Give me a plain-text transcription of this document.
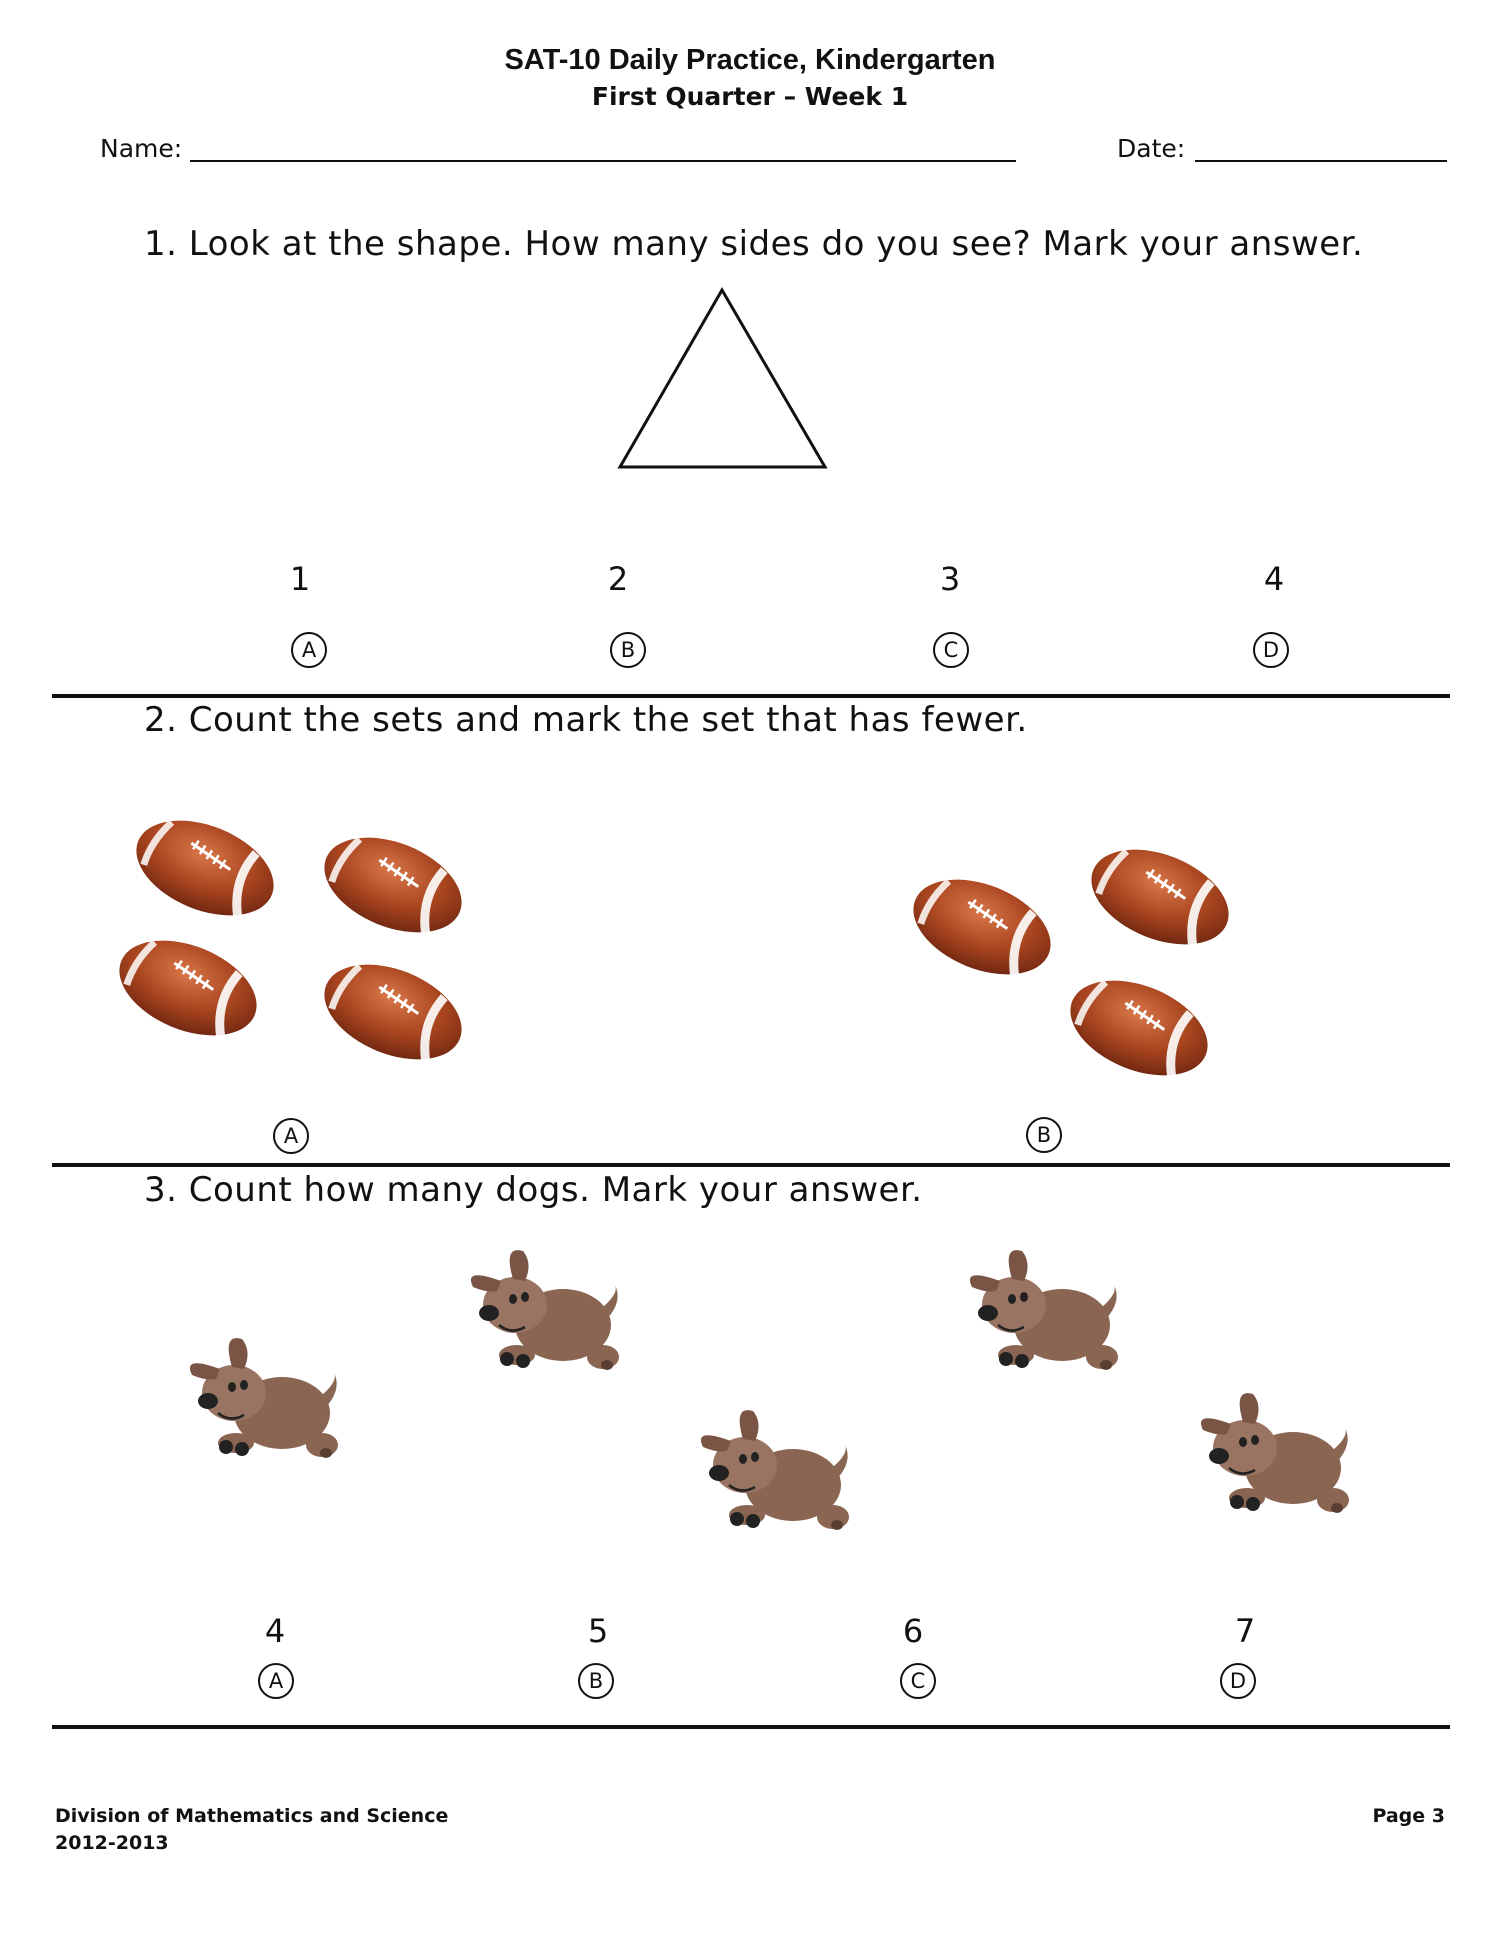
SAT-10 Daily Practice, Kindergarten
First Quarter – Week 1
Name:	Date:
1. Look at the shape. How many sides do you see? Mark your answer.
1	2	3	4
A	B	C	D
2. Count the sets and mark the set that has fewer.
A	B
3. Count how many dogs. Mark your answer.
4	5	6	7
A	B	C	D
Division of Mathematics and Science
2012-2013
Page 3
